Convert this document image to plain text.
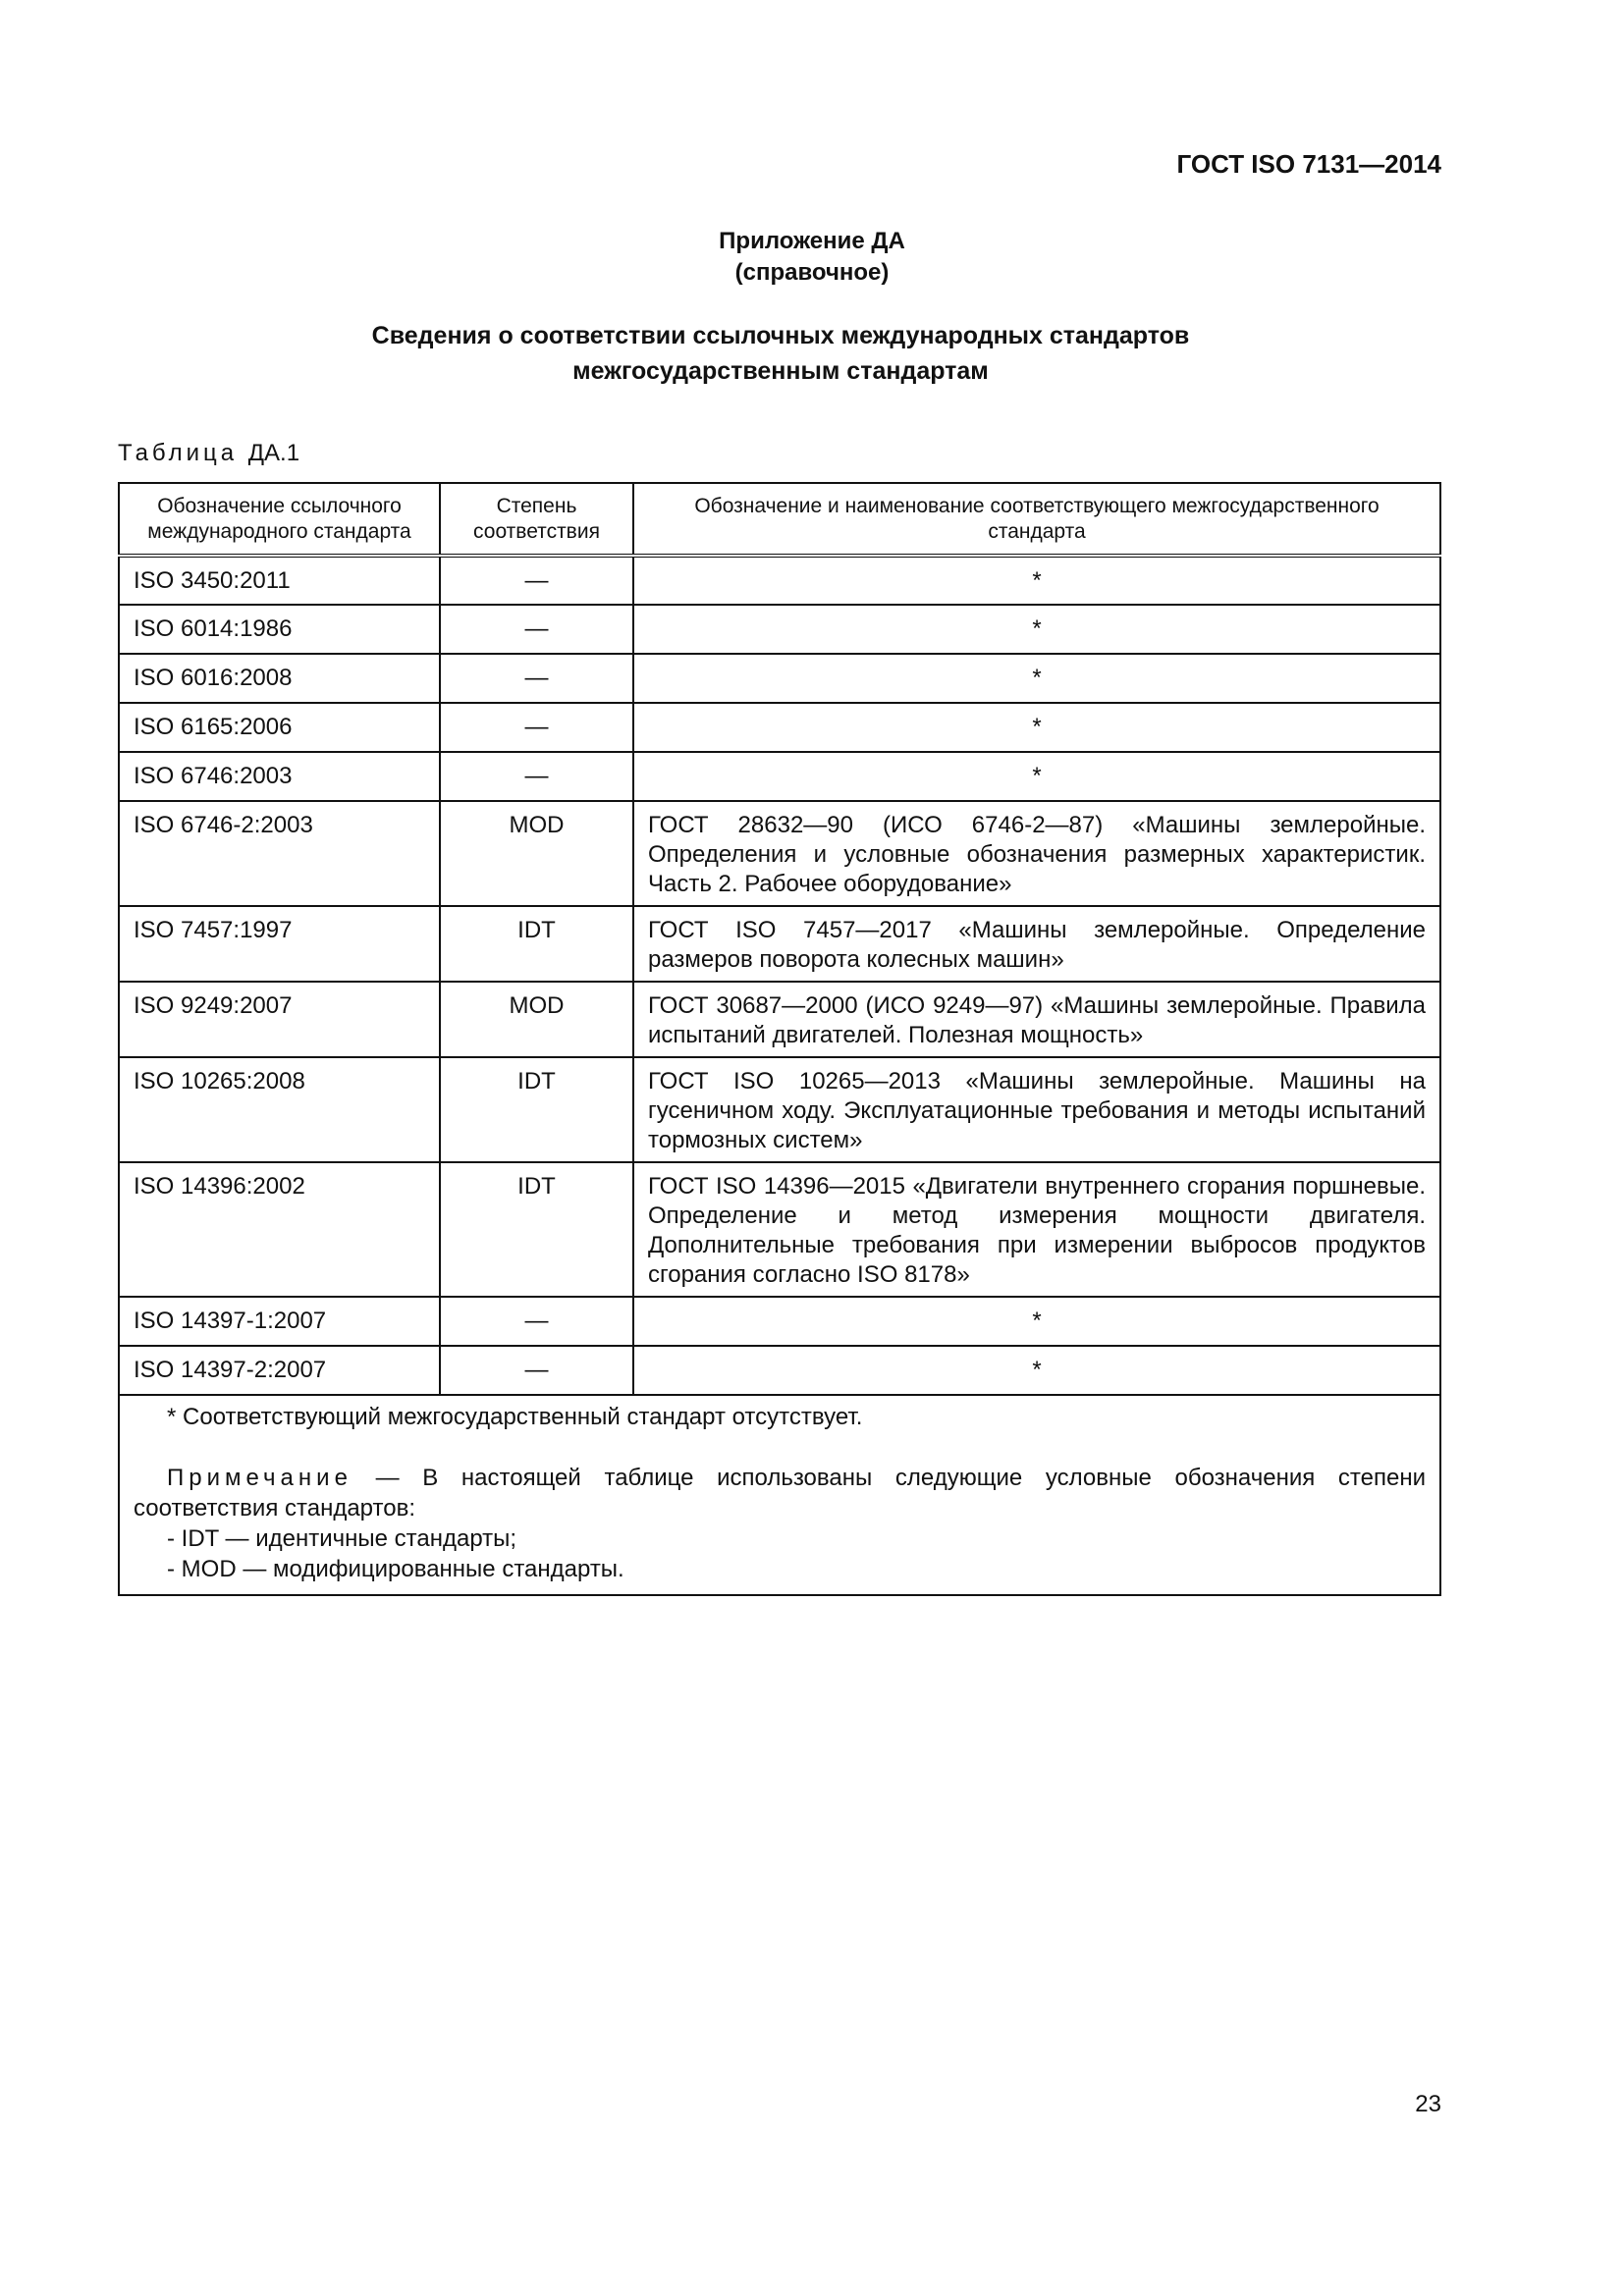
ГОСТ ISO 7131—2014
Приложение ДА
(справочное)
Сведения о соответствии ссылочных международных стандартов
межгосударственным стандартам
Таблица ДА.1
Обозначение ссылочного международного стандарта	Степень соответствия	Обозначение и наименование соответствующего межгосударственного стандарта
ISO 3450:2011	—	*
ISO 6014:1986	—	*
ISO 6016:2008	—	*
ISO 6165:2006	—	*
ISO 6746:2003	—	*
ISO 6746-2:2003	MOD	ГОСТ 28632—90 (ИСО 6746-2—87) «Машины землеройные. Определения и условные обозначения размерных характеристик. Часть 2. Рабочее оборудование»
ISO 7457:1997	IDT	ГОСТ ISO 7457—2017 «Машины землеройные. Определение размеров поворота колесных машин»
ISO 9249:2007	MOD	ГОСТ 30687—2000 (ИСО 9249—97) «Машины землеройные. Правила испытаний двигателей. Полезная мощность»
ISO 10265:2008	IDT	ГОСТ ISO 10265—2013 «Машины землеройные. Машины на гусеничном ходу. Эксплуатационные требования и методы испытаний тормозных систем»
ISO 14396:2002	IDT	ГОСТ ISO 14396—2015 «Двигатели внутреннего сгорания поршневые. Определение и метод измерения мощности двигателя. Дополнительные требования при измерении выбросов продуктов сгорания согласно ISO 8178»
ISO 14397-1:2007	—	*
ISO 14397-2:2007	—	*

* Соответствующий межгосударственный стандарт отсутствует.

Примечание — В настоящей таблице использованы следующие условные обозначения степени соответствия стандартов:

- IDT — идентичные стандарты;

- MOD — модифицированные стандарты.		

23
